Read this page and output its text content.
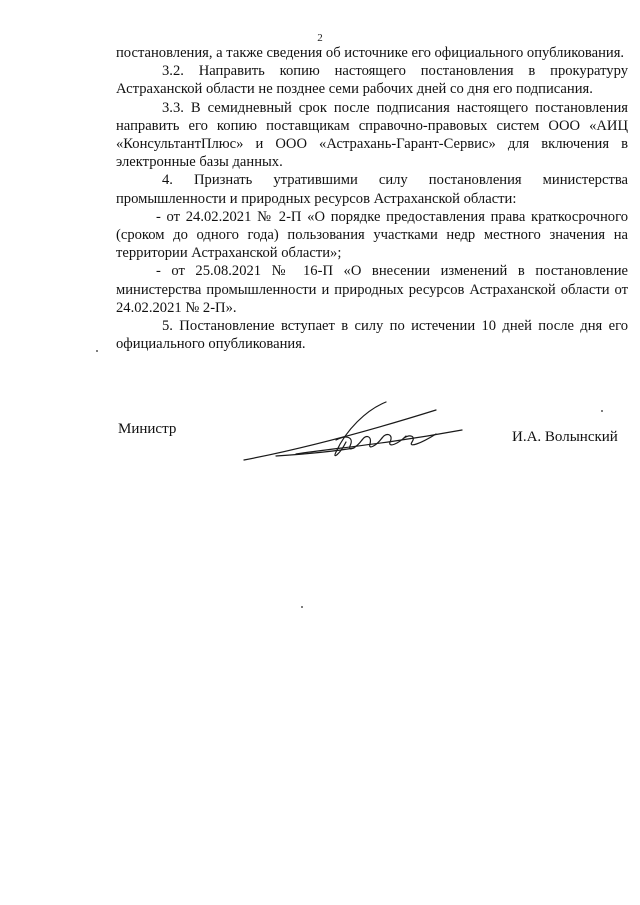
2

постановления, а также сведения об источнике его официального опубликования.

3.2. Направить копию настоящего постановления в прокуратуру Астраханской области не позднее семи рабочих дней со дня его подписания.

3.3. В семидневный срок после подписания настоящего постановления направить его копию поставщикам справочно-правовых систем ООО «АИЦ «КонсультантПлюс» и ООО «Астрахань-Гарант-Сервис» для включения в электронные базы данных.

4. Признать утратившими силу постановления министерства промышленности и природных ресурсов Астраханской области:

- от 24.02.2021 № 2-П «О порядке предоставления права краткосрочного (сроком до одного года) пользования участками недр местного значения на территории Астраханской области»;

- от 25.08.2021 № 16-П «О внесении изменений в постановление министерства промышленности и природных ресурсов Астраханской области от 24.02.2021 № 2-П».

5. Постановление вступает в силу по истечении 10 дней после дня его официального опубликования.

Министр	И.А. Волынский
